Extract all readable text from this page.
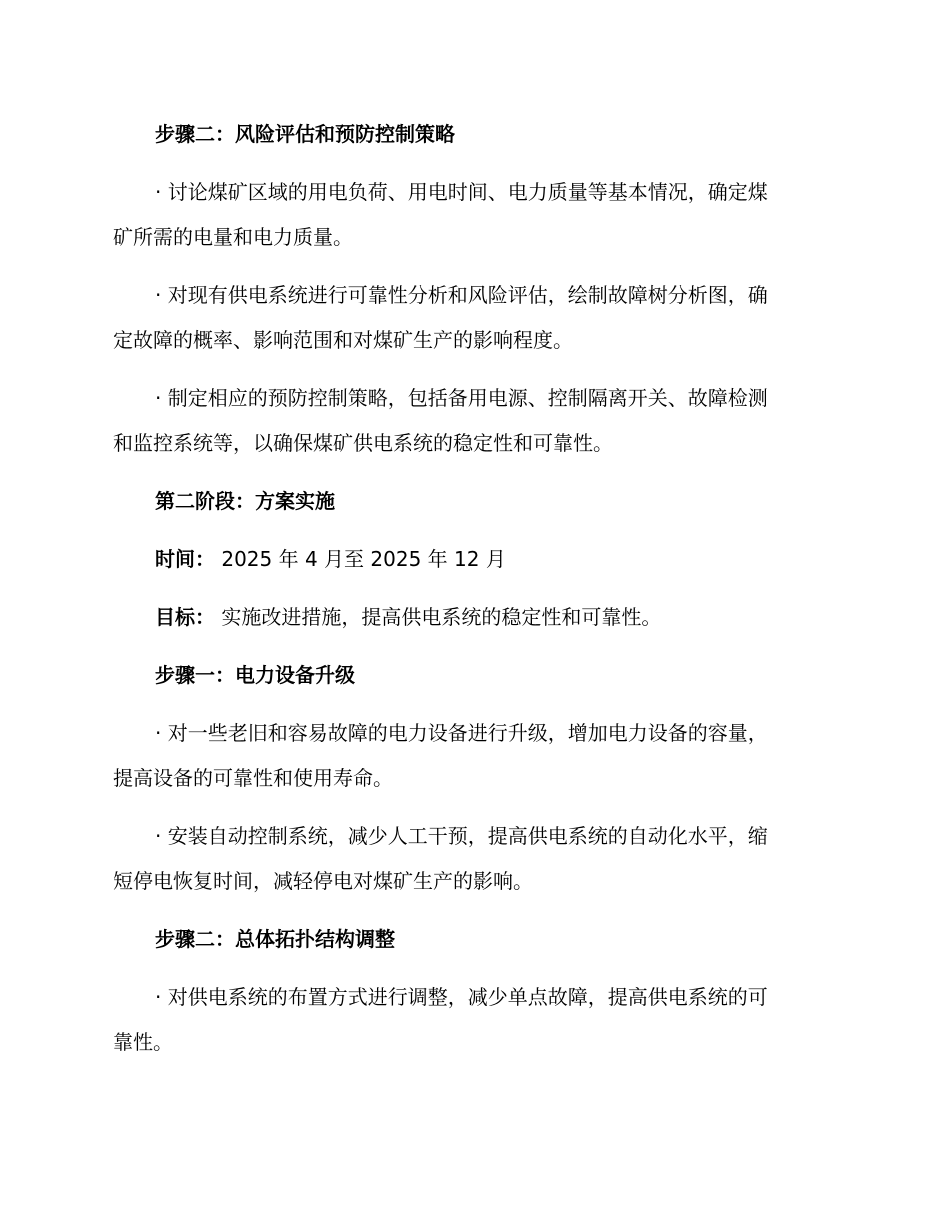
步骤二：风险评估和预防控制策略

· 讨论煤矿区域的用电负荷、用电时间、电力质量等基本情况，确定煤

矿所需的电量和电力质量。

· 对现有供电系统进行可靠性分析和风险评估，绘制故障树分析图，确

定故障的概率、影响范围和对煤矿生产的影响程度。

· 制定相应的预防控制策略，包括备用电源、控制隔离开关、故障检测

和监控系统等，以确保煤矿供电系统的稳定性和可靠性。

第二阶段：方案实施

时间： 2025 年 4 月至 2025 年 12 月

目标： 实施改进措施，提高供电系统的稳定性和可靠性。

步骤一：电力设备升级

· 对一些老旧和容易故障的电力设备进行升级，增加电力设备的容量，

提高设备的可靠性和使用寿命。

· 安装自动控制系统，减少人工干预，提高供电系统的自动化水平，缩

短停电恢复时间，减轻停电对煤矿生产的影响。

步骤二：总体拓扑结构调整

· 对供电系统的布置方式进行调整，减少单点故障，提高供电系统的可

靠性。
